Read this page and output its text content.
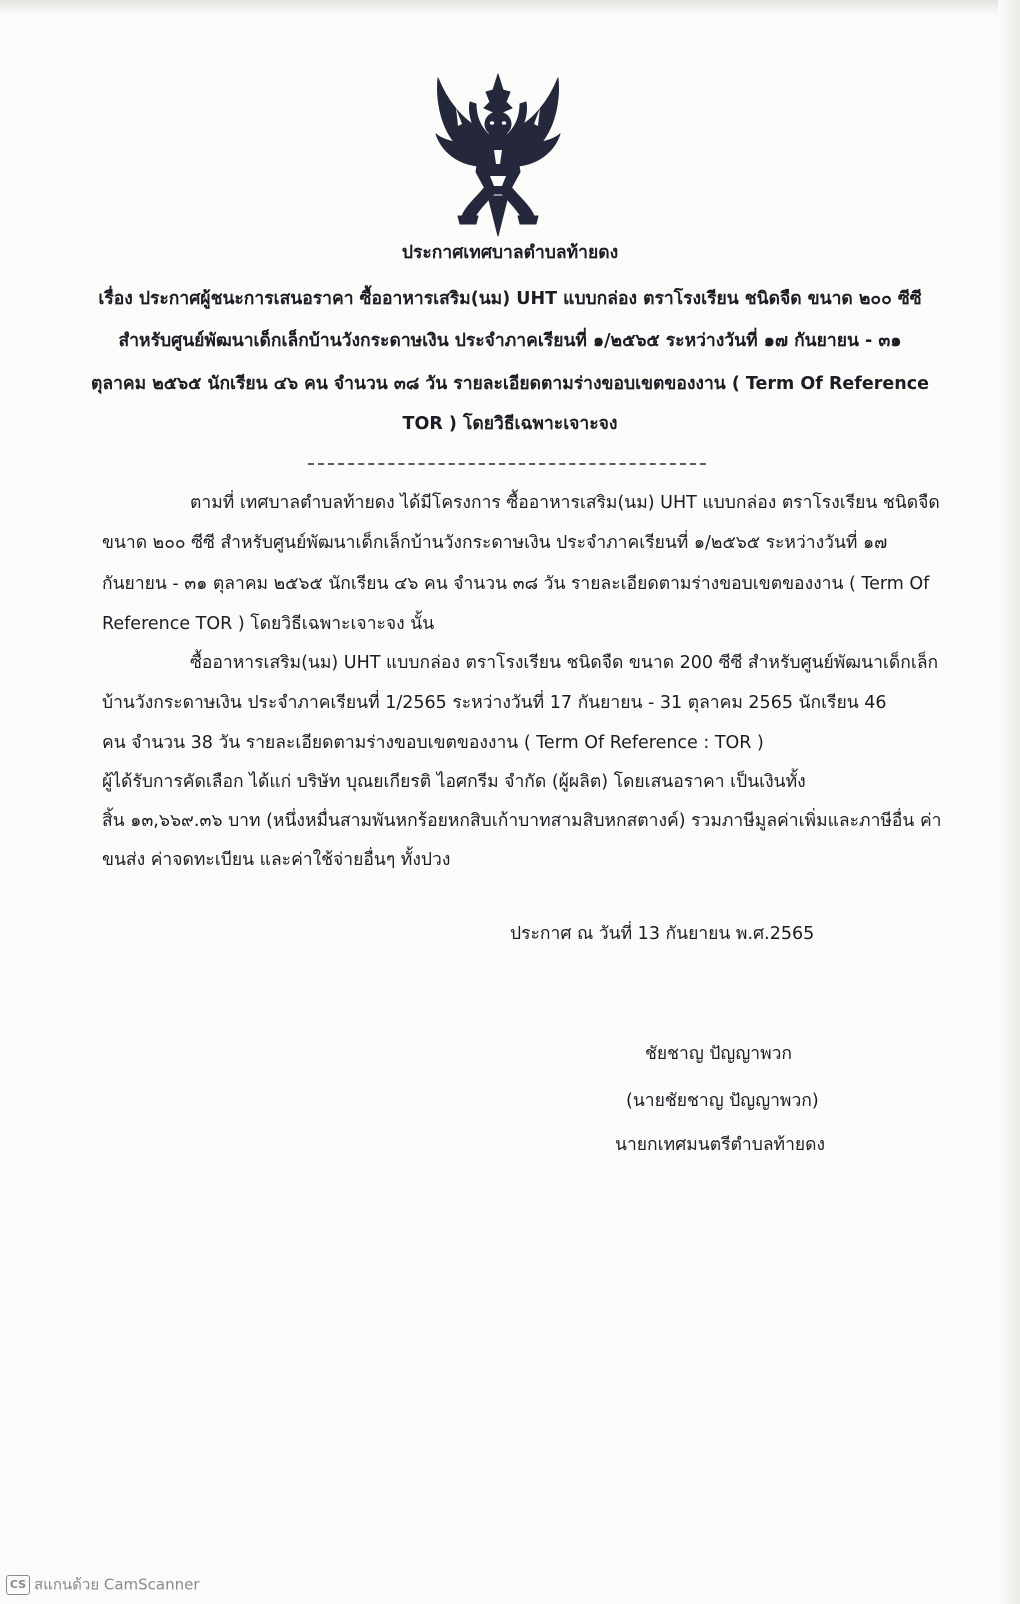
ประกาศเทศบาลตำบลท้ายดง
เรื่อง ประกาศผู้ชนะการเสนอราคา ซื้ออาหารเสริม(นม) UHT แบบกล่อง ตราโรงเรียน ชนิดจืด ขนาด ๒๐๐ ซีซี
สำหรับศูนย์พัฒนาเด็กเล็กบ้านวังกระดาษเงิน ประจำภาคเรียนที่ ๑/๒๕๖๕ ระหว่างวันที่ ๑๗ กันยายน - ๓๑
ตุลาคม ๒๕๖๕ นักเรียน ๔๖ คน จำนวน ๓๘ วัน รายละเอียดตามร่างขอบเขตของงาน ( Term Of Reference
TOR ) โดยวิธีเฉพาะเจาะจง
ตามที่ เทศบาลตำบลท้ายดง ได้มีโครงการ ซื้ออาหารเสริม(นม) UHT แบบกล่อง ตราโรงเรียน ชนิดจืด
ขนาด ๒๐๐ ซีซี สำหรับศูนย์พัฒนาเด็กเล็กบ้านวังกระดาษเงิน ประจำภาคเรียนที่ ๑/๒๕๖๕ ระหว่างวันที่ ๑๗
กันยายน - ๓๑ ตุลาคม ๒๕๖๕ นักเรียน ๔๖ คน จำนวน ๓๘ วัน รายละเอียดตามร่างขอบเขตของงาน ( Term Of
Reference TOR ) โดยวิธีเฉพาะเจาะจง นั้น
ซื้ออาหารเสริม(นม) UHT แบบกล่อง ตราโรงเรียน ชนิดจืด ขนาด 200 ซีซี สำหรับศูนย์พัฒนาเด็กเล็ก
บ้านวังกระดาษเงิน ประจำภาคเรียนที่ 1/2565 ระหว่างวันที่ 17 กันยายน - 31 ตุลาคม 2565 นักเรียน 46
คน จำนวน 38 วัน รายละเอียดตามร่างขอบเขตของงาน ( Term Of Reference : TOR )
ผู้ได้รับการคัดเลือก ได้แก่ บริษัท บุณยเกียรติ ไอศกรีม จำกัด (ผู้ผลิต) โดยเสนอราคา เป็นเงินทั้ง
สิ้น ๑๓,๖๖๙.๓๖ บาท (หนึ่งหมื่นสามพันหกร้อยหกสิบเก้าบาทสามสิบหกสตางค์) รวมภาษีมูลค่าเพิ่มและภาษีอื่น ค่า
ขนส่ง ค่าจดทะเบียน และค่าใช้จ่ายอื่นๆ ทั้งปวง
ประกาศ ณ วันที่ 13 กันยายน พ.ศ.2565
ชัยชาญ ปัญญาพวก
(นายชัยชาญ ปัญญาพวก)
นายกเทศมนตรีตำบลท้ายดง
CS สแกนด้วย CamScanner
